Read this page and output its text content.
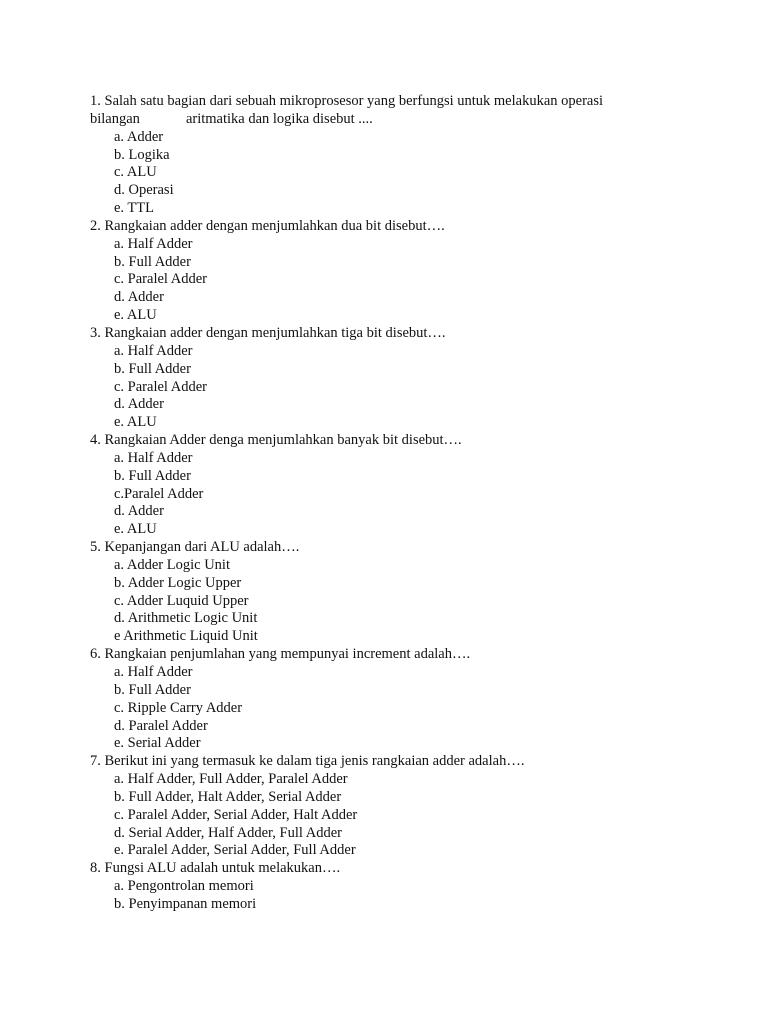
1. Salah satu bagian dari sebuah mikroprosesor yang berfungsi untuk melakukan operasi
bilangan	aritmatika dan logika disebut ....
a. Adder
b. Logika
c. ALU
d. Operasi
e. TTL
2. Rangkaian adder dengan menjumlahkan dua bit disebut….
a. Half Adder
b. Full Adder
c. Paralel Adder
d. Adder
e. ALU
3. Rangkaian adder dengan menjumlahkan tiga bit disebut….
a. Half Adder
b. Full Adder
c. Paralel Adder
d. Adder
e. ALU
4. Rangkaian Adder denga menjumlahkan banyak bit disebut….
a. Half Adder
b. Full Adder
c.Paralel Adder
d. Adder
e. ALU
5. Kepanjangan dari ALU adalah….
a. Adder Logic Unit
b. Adder Logic Upper
c. Adder Luquid Upper
d. Arithmetic Logic Unit
e Arithmetic Liquid Unit
6. Rangkaian penjumlahan yang mempunyai increment adalah….
a. Half Adder
b. Full Adder
c. Ripple Carry Adder
d. Paralel Adder
e. Serial Adder
7. Berikut ini yang termasuk ke dalam tiga jenis rangkaian adder adalah….
a. Half Adder, Full Adder, Paralel Adder
b. Full Adder, Halt Adder, Serial Adder
c. Paralel Adder, Serial Adder, Halt Adder
d. Serial Adder, Half Adder, Full Adder
e. Paralel Adder, Serial Adder, Full Adder
8. Fungsi ALU adalah untuk melakukan….
a. Pengontrolan memori
b. Penyimpanan memori
